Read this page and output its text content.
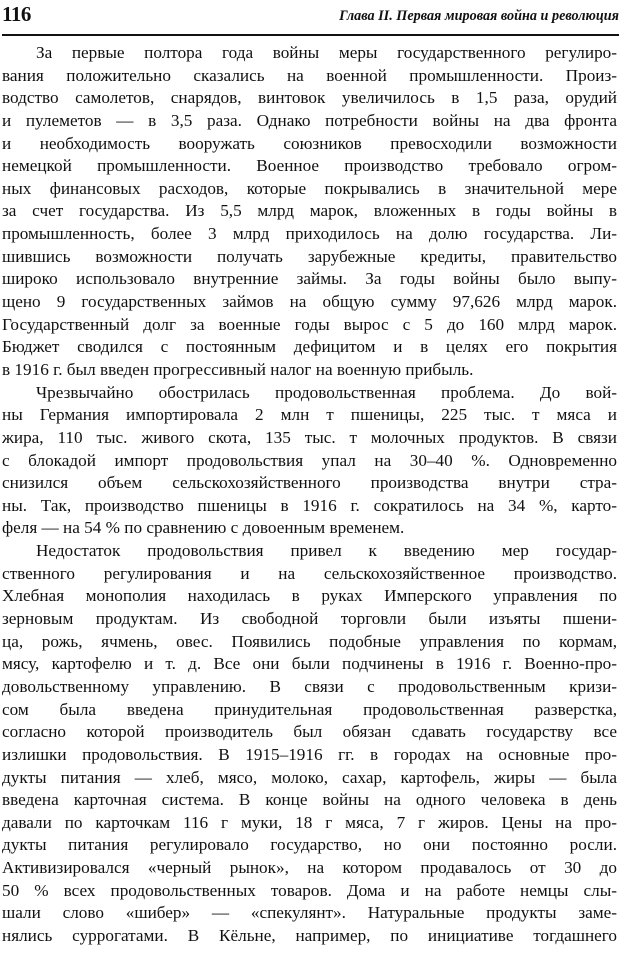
116	Глава II. Первая мировая война и революция
За первые полтора года войны меры государственного регулиро-
вания положительно сказались на военной промышленности. Произ-
водство самолетов, снарядов, винтовок увеличилось в 1,5 раза, орудий
и пулеметов — в 3,5 раза. Однако потребности войны на два фронта
и необходимость вооружать союзников превосходили возможности
немецкой промышленности. Военное производство требовало огром-
ных финансовых расходов, которые покрывались в значительной мере
за счет государства. Из 5,5 млрд марок, вложенных в годы войны в
промышленность, более 3 млрд приходилось на долю государства. Ли-
шившись возможности получать зарубежные кредиты, правительство
широко использовало внутренние займы. За годы войны было выпу-
щено 9 государственных займов на общую сумму 97,626 млрд марок.
Государственный долг за военные годы вырос с 5 до 160 млрд марок.
Бюджет сводился с постоянным дефицитом и в целях его покрытия
в 1916 г. был введен прогрессивный налог на военную прибыль.
Чрезвычайно обострилась продовольственная проблема. До вой-
ны Германия импортировала 2 млн т пшеницы, 225 тыс. т мяса и
жира, 110 тыс. живого скота, 135 тыс. т молочных продуктов. В связи
с блокадой импорт продовольствия упал на 30–40 %. Одновременно
снизился объем сельскохозяйственного производства внутри стра-
ны. Так, производство пшеницы в 1916 г. сократилось на 34 %, карто-
феля — на 54 % по сравнению с довоенным временем.
Недостаток продовольствия привел к введению мер государ-
ственного регулирования и на сельскохозяйственное производство.
Хлебная монополия находилась в руках Имперского управления по
зерновым продуктам. Из свободной торговли были изъяты пшени-
ца, рожь, ячмень, овес. Появились подобные управления по кормам,
мясу, картофелю и т. д. Все они были подчинены в 1916 г. Военно-про-
довольственному управлению. В связи с продовольственным кризи-
сом была введена принудительная продовольственная разверстка,
согласно которой производитель был обязан сдавать государству все
излишки продовольствия. В 1915–1916 гг. в городах на основные про-
дукты питания — хлеб, мясо, молоко, сахар, картофель, жиры — была
введена карточная система. В конце войны на одного человека в день
давали по карточкам 116 г муки, 18 г мяса, 7 г жиров. Цены на про-
дукты питания регулировало государство, но они постоянно росли.
Активизировался «черный рынок», на котором продавалось от 30 до
50 % всех продовольственных товаров. Дома и на работе немцы слы-
шали слово «шибер» — «спекулянт». Натуральные продукты заме-
нялись суррогатами. В Кёльне, например, по инициативе тогдашнего
